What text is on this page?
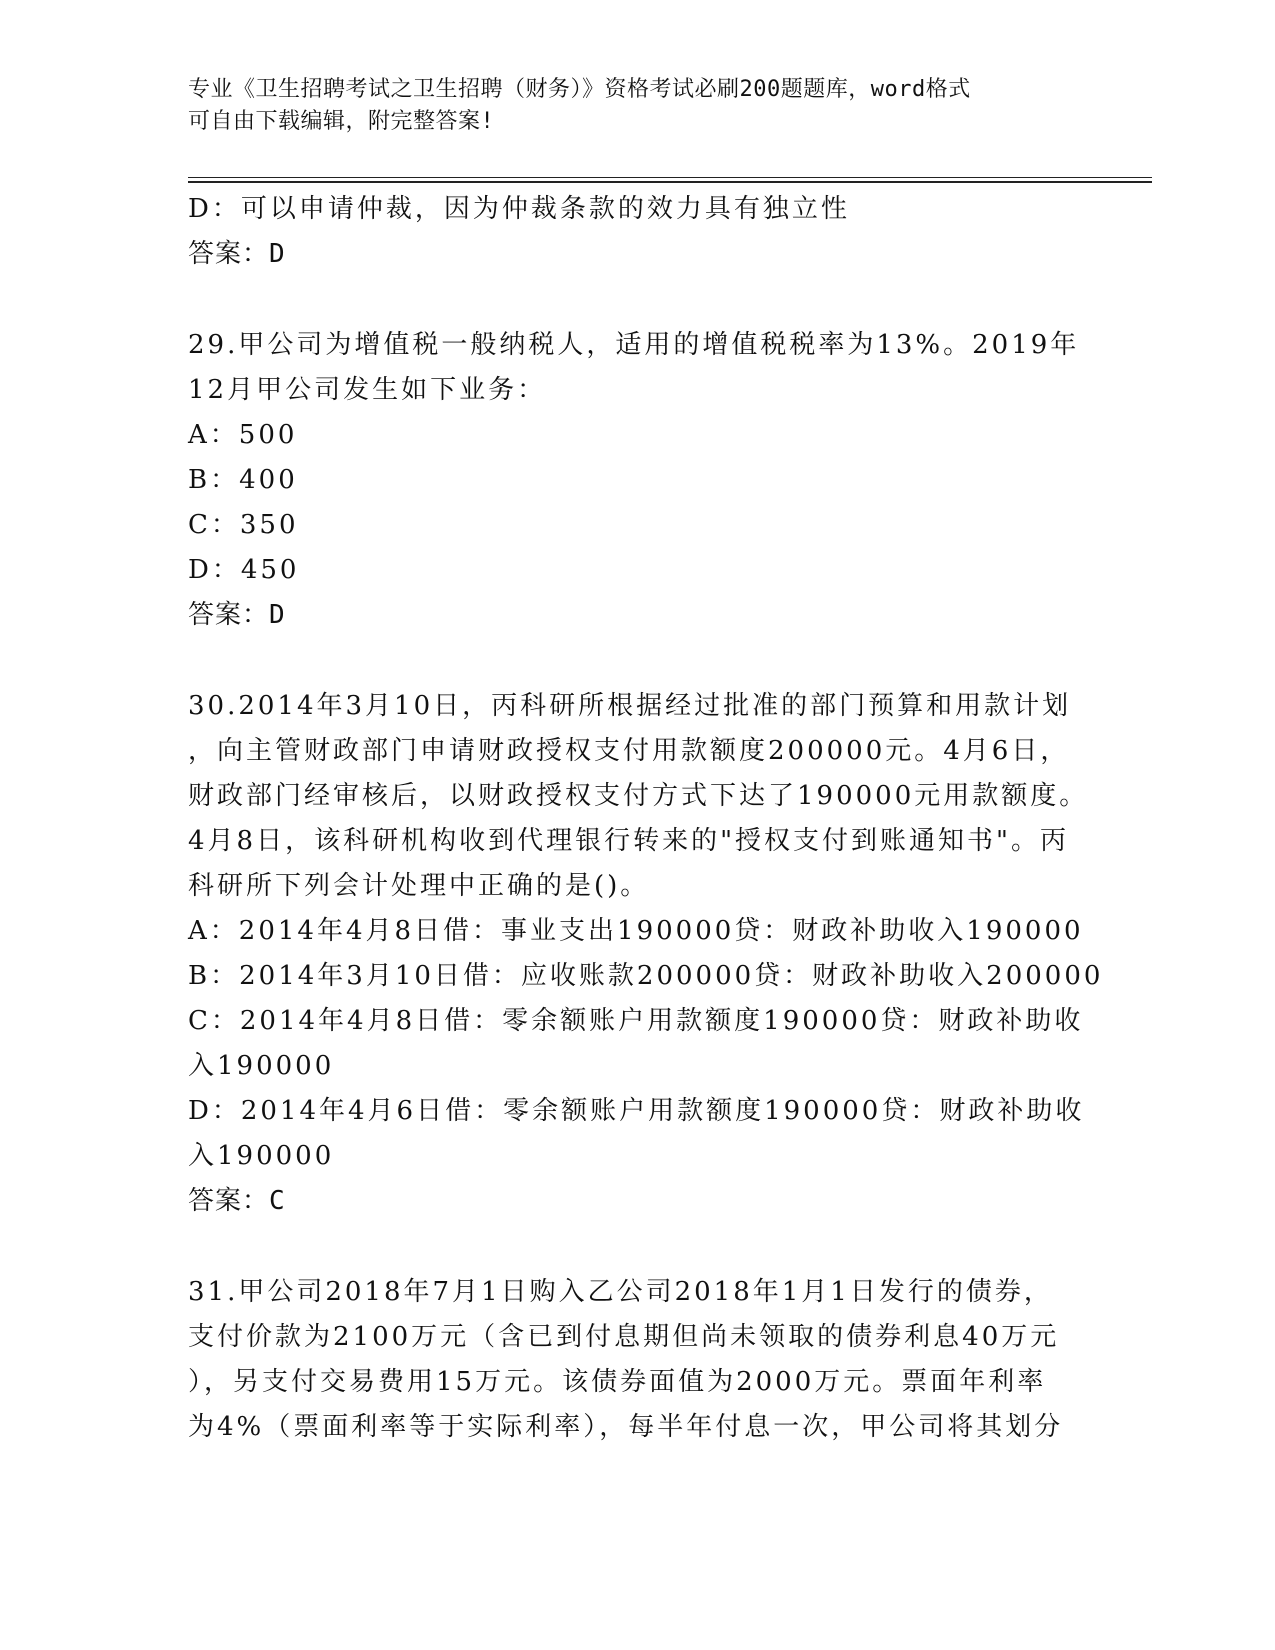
专业《卫生招聘考试之卫生招聘（财务）》资格考试必刷200题题库，word格式
可自由下载编辑，附完整答案!
D：可以申请仲裁，因为仲裁条款的效力具有独立性
答案：D
29.甲公司为增值税一般纳税人，适用的增值税税率为13%。2019年
12月甲公司发生如下业务：
A：500
B：400
C：350
D：450
答案：D
30.2014年3月10日，丙科研所根据经过批准的部门预算和用款计划
，向主管财政部门申请财政授权支付用款额度200000元。4月6日，
财政部门经审核后，以财政授权支付方式下达了190000元用款额度。
4月8日，该科研机构收到代理银行转来的"授权支付到账通知书"。丙
科研所下列会计处理中正确的是()。
A：2014年4月8日借：事业支出190000贷：财政补助收入190000
B：2014年3月10日借：应收账款200000贷：财政补助收入200000
C：2014年4月8日借：零余额账户用款额度190000贷：财政补助收
入190000
D：2014年4月6日借：零余额账户用款额度190000贷：财政补助收
入190000
答案：C
31.甲公司2018年7月1日购入乙公司2018年1月1日发行的债券，
支付价款为2100万元（含已到付息期但尚未领取的债券利息40万元
），另支付交易费用15万元。该债券面值为2000万元。票面年利率
为4%（票面利率等于实际利率），每半年付息一次，甲公司将其划分
